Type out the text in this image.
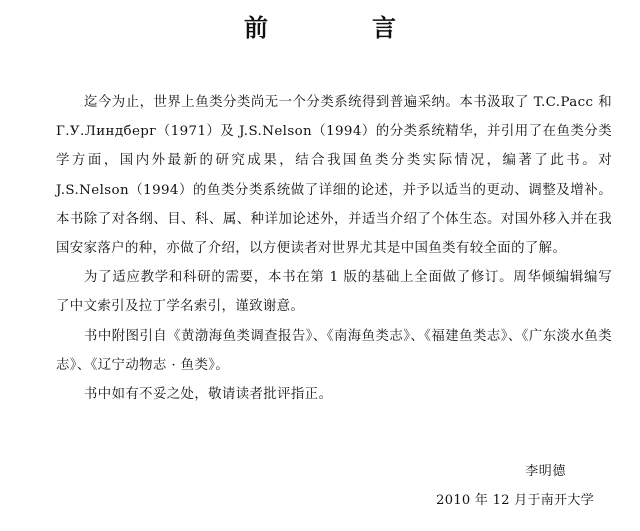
前　言

迄今为止，世界上鱼类分类尚无一个分类系统得到普遍采纳。本书汲取了 T.C.Pacc 和 Г.У.Линдберг（1971）及 J.S.Nelson（1994）的分类系统精华，并引用了在鱼类分类学方面，国内外最新的研究成果，结合我国鱼类分类实际情况，编著了此书。对 J.S.Nelson（1994）的鱼类分类系统做了详细的论述，并予以适当的更动、调整及增补。本书除了对各纲、目、科、属、种详加论述外，并适当介绍了个体生态。对国外移入并在我国安家落户的种，亦做了介绍，以方便读者对世界尤其是中国鱼类有较全面的了解。

为了适应教学和科研的需要，本书在第 1 版的基础上全面做了修订。周华倾编辑编写了中文索引及拉丁学名索引，谨致谢意。

书中附图引自《黄渤海鱼类调查报告》、《南海鱼类志》、《福建鱼类志》、《广东淡水鱼类志》、《辽宁动物志 · 鱼类》。

书中如有不妥之处，敬请读者批评指正。

李明德
2010 年 12 月于南开大学
